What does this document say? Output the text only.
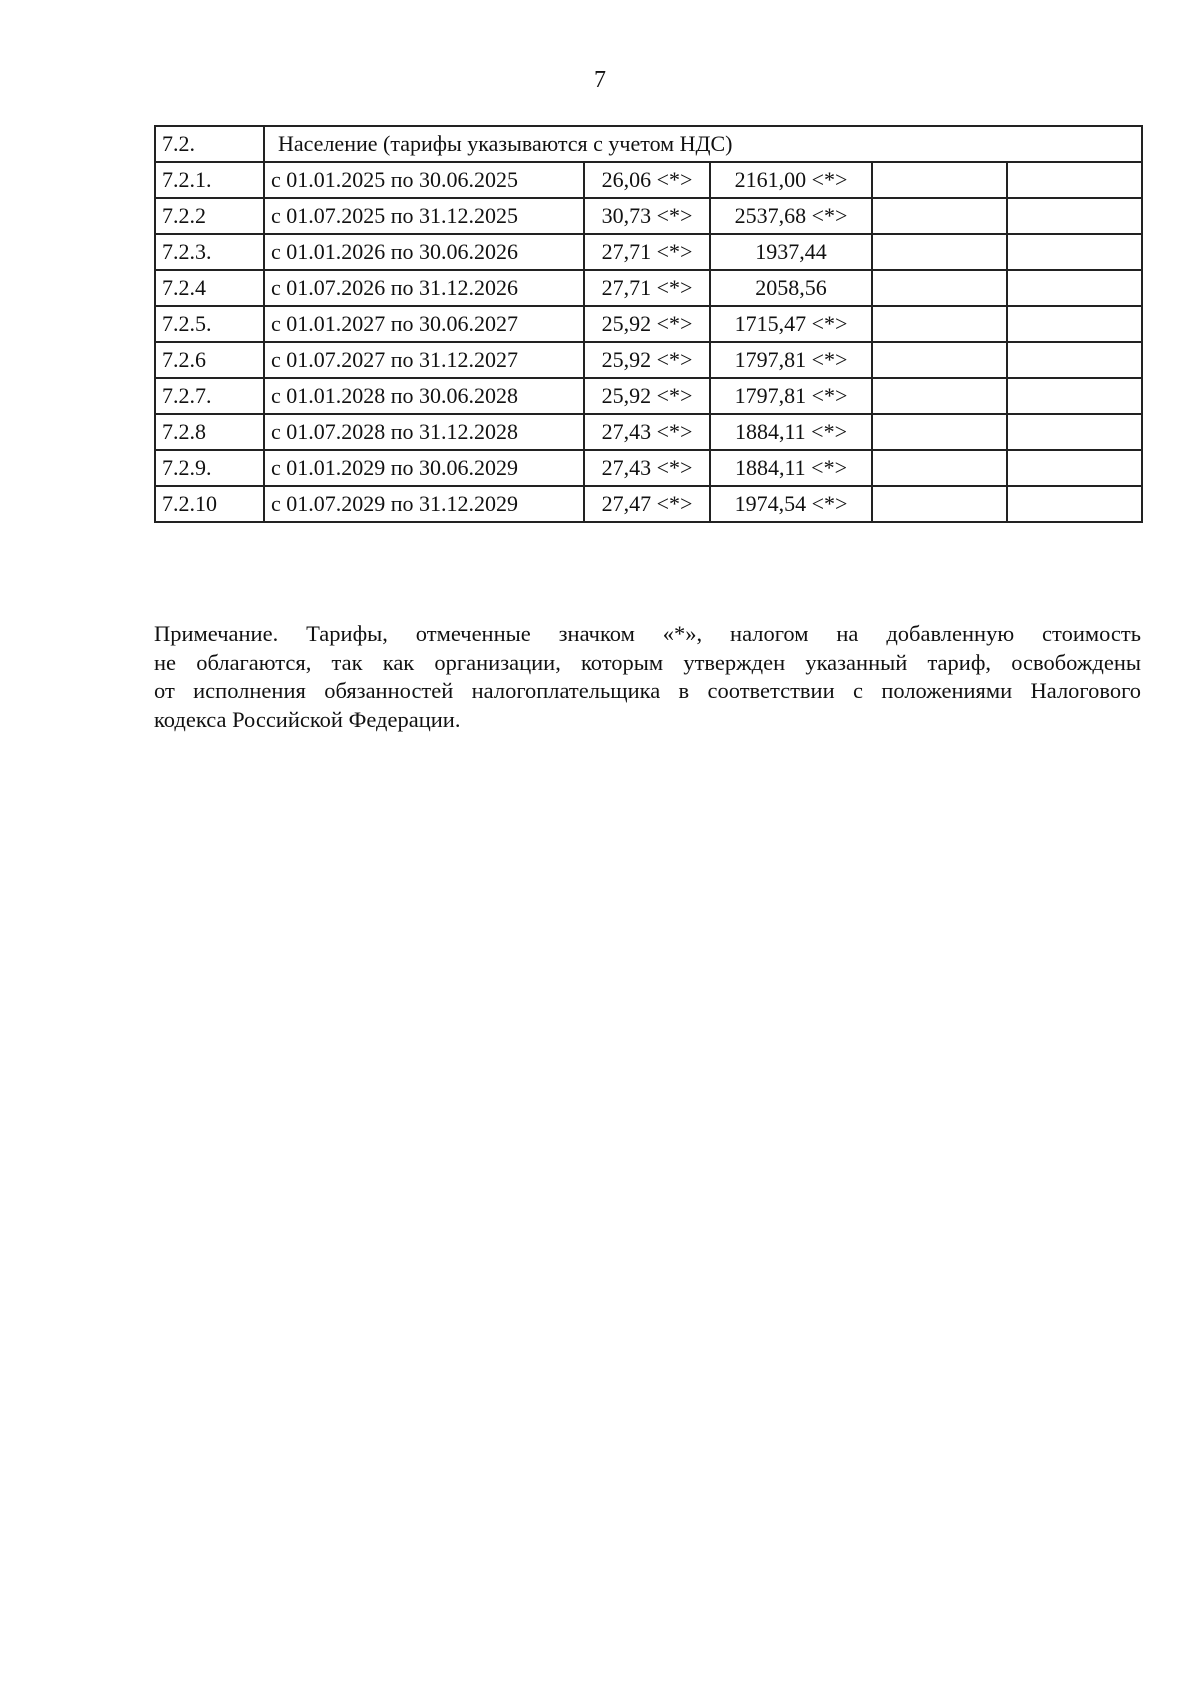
7
7.2.	Население (тарифы указываются с учетом НДС)				
7.2.1.	с 01.01.2025 по 30.06.2025	26,06 <*>	2161,00 <*>		
7.2.2	с 01.07.2025 по 31.12.2025	30,73 <*>	2537,68 <*>		
7.2.3.	с 01.01.2026 по 30.06.2026	27,71 <*>	1937,44		
7.2.4	с 01.07.2026 по 31.12.2026	27,71 <*>	2058,56		
7.2.5.	с 01.01.2027 по 30.06.2027	25,92 <*>	1715,47 <*>		
7.2.6	с 01.07.2027 по 31.12.2027	25,92 <*>	1797,81 <*>		
7.2.7.	с 01.01.2028 по 30.06.2028	25,92 <*>	1797,81 <*>		
7.2.8	с 01.07.2028 по 31.12.2028	27,43 <*>	1884,11 <*>		
7.2.9.	с 01.01.2029 по 30.06.2029	27,43 <*>	1884,11 <*>		
7.2.10	с 01.07.2029 по 31.12.2029	27,47 <*>	1974,54 <*>		
Примечание. Тарифы, отмеченные значком «*», налогом на добавленную стоимость
не облагаются, так как организации, которым утвержден указанный тариф, освобождены
от исполнения обязанностей налогоплательщика в соответствии с положениями Налогового
кодекса Российской Федерации.
